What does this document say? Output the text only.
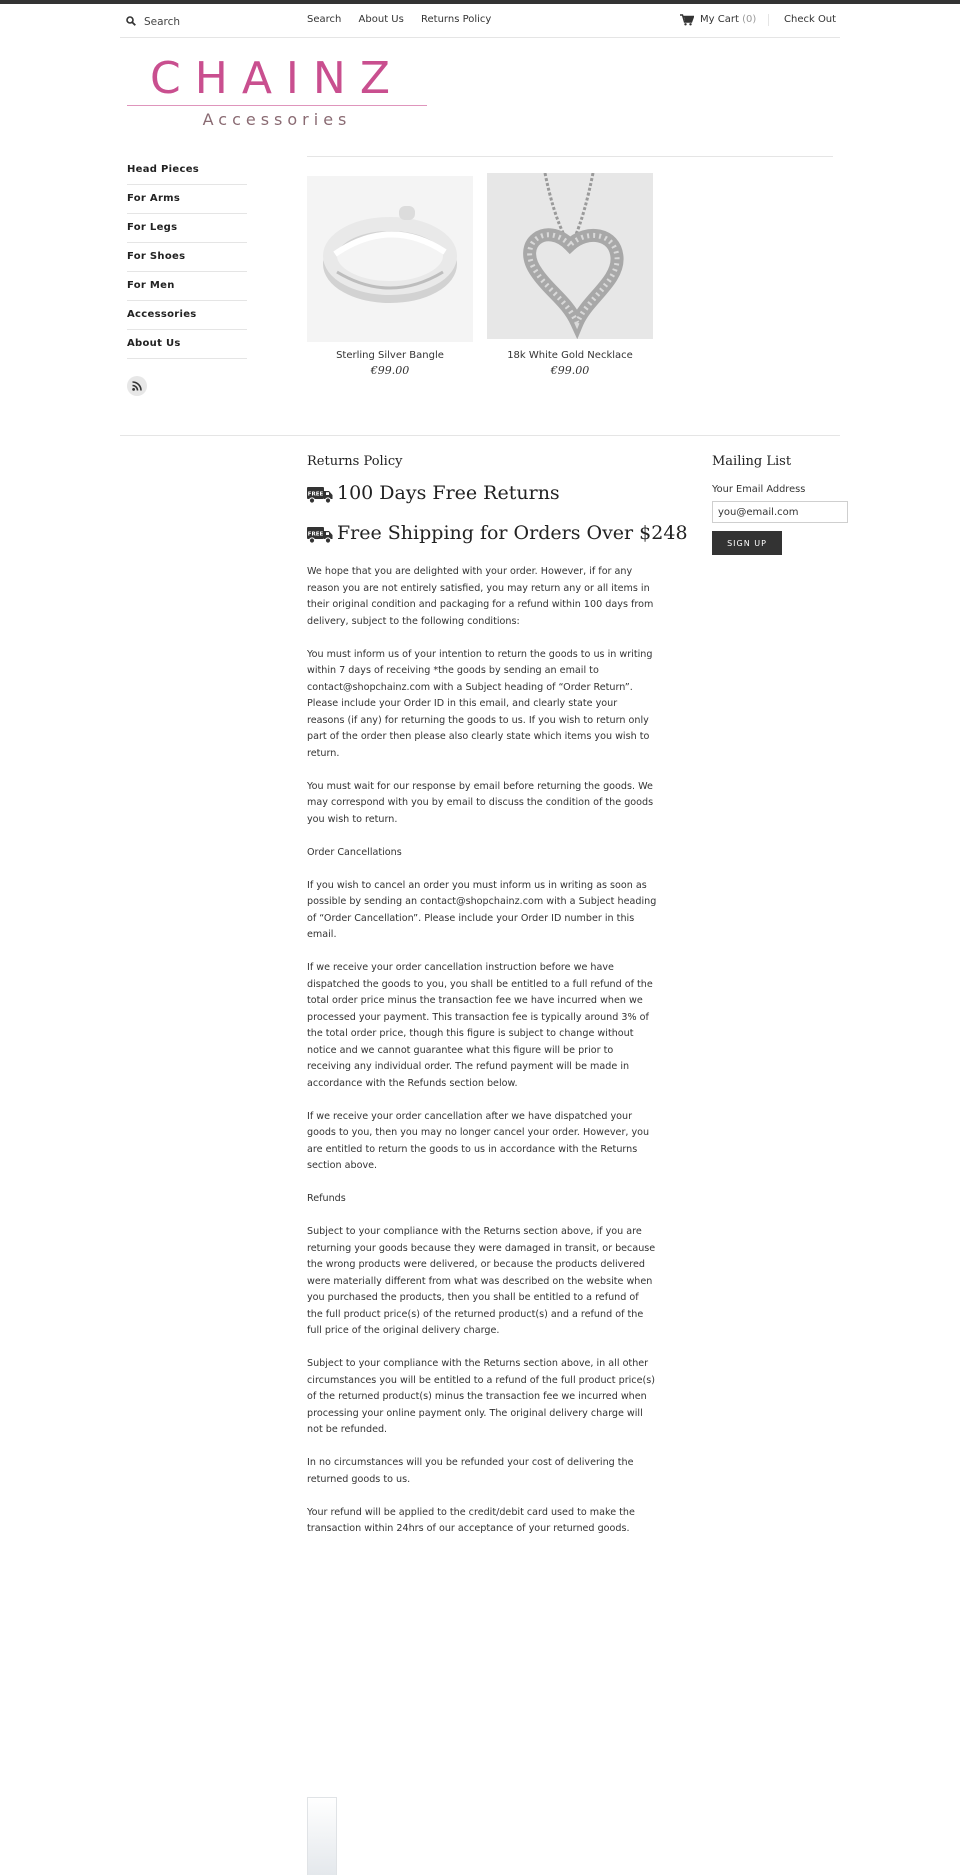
Search
Search About Us Returns Policy	My Cart (0)	Check Out
CHAINZ
Accessories
Head Pieces
For Arms
For Legs
For Shoes
For Men
Accessories
About Us
Sterling Silver Bangle
€99.00
18k White Gold Necklace
€99.00
Returns Policy
FREE 100 Days Free Returns
FREE Free Shipping for Orders Over $248

We hope that you are delighted with your order. However, if for any reason you are not entirely satisfied, you may return any or all items in their original condition and packaging for a refund within 100 days from delivery, subject to the following conditions:

You must inform us of your intention to return the goods to us in writing within 7 days of receiving *the goods by sending an email to contact@shopchainz.com with a Subject heading of “Order Return”. Please include your Order ID in this email, and clearly state your reasons (if any) for returning the goods to us. If you wish to return only part of the order then please also clearly state which items you wish to return.

You must wait for our response by email before returning the goods. We may correspond with you by email to discuss the condition of the goods you wish to return.

Order Cancellations

If you wish to cancel an order you must inform us in writing as soon as possible by sending an contact@shopchainz.com with a Subject heading of “Order Cancellation”. Please include your Order ID number in this email.

If we receive your order cancellation instruction before we have dispatched the goods to you, you shall be entitled to a full refund of the total order price minus the transaction fee we have incurred when we processed your payment. This transaction fee is typically around 3% of the total order price, though this figure is subject to change without notice and we cannot guarantee what this figure will be prior to receiving any individual order. The refund payment will be made in accordance with the Refunds section below.

If we receive your order cancellation after we have dispatched your goods to you, then you may no longer cancel your order. However, you are entitled to return the goods to us in accordance with the Returns section above.

Refunds

Subject to your compliance with the Returns section above, if you are returning your goods because they were damaged in transit, or because the wrong products were delivered, or because the products delivered were materially different from what was described on the website when you purchased the products, then you shall be entitled to a refund of the full product price(s) of the returned product(s) and a refund of the full price of the original delivery charge.

Subject to your compliance with the Returns section above, in all other circumstances you will be entitled to a refund of the full product price(s) of the returned product(s) minus the transaction fee we incurred when processing your online payment only. The original delivery charge will not be refunded.

In no circumstances will you be refunded your cost of delivering the returned goods to us.

Your refund will be applied to the credit/debit card used to make the transaction within 24hrs of our acceptance of your returned goods.

Mailing List
Your Email Address
you@email.com
SIGN UP
